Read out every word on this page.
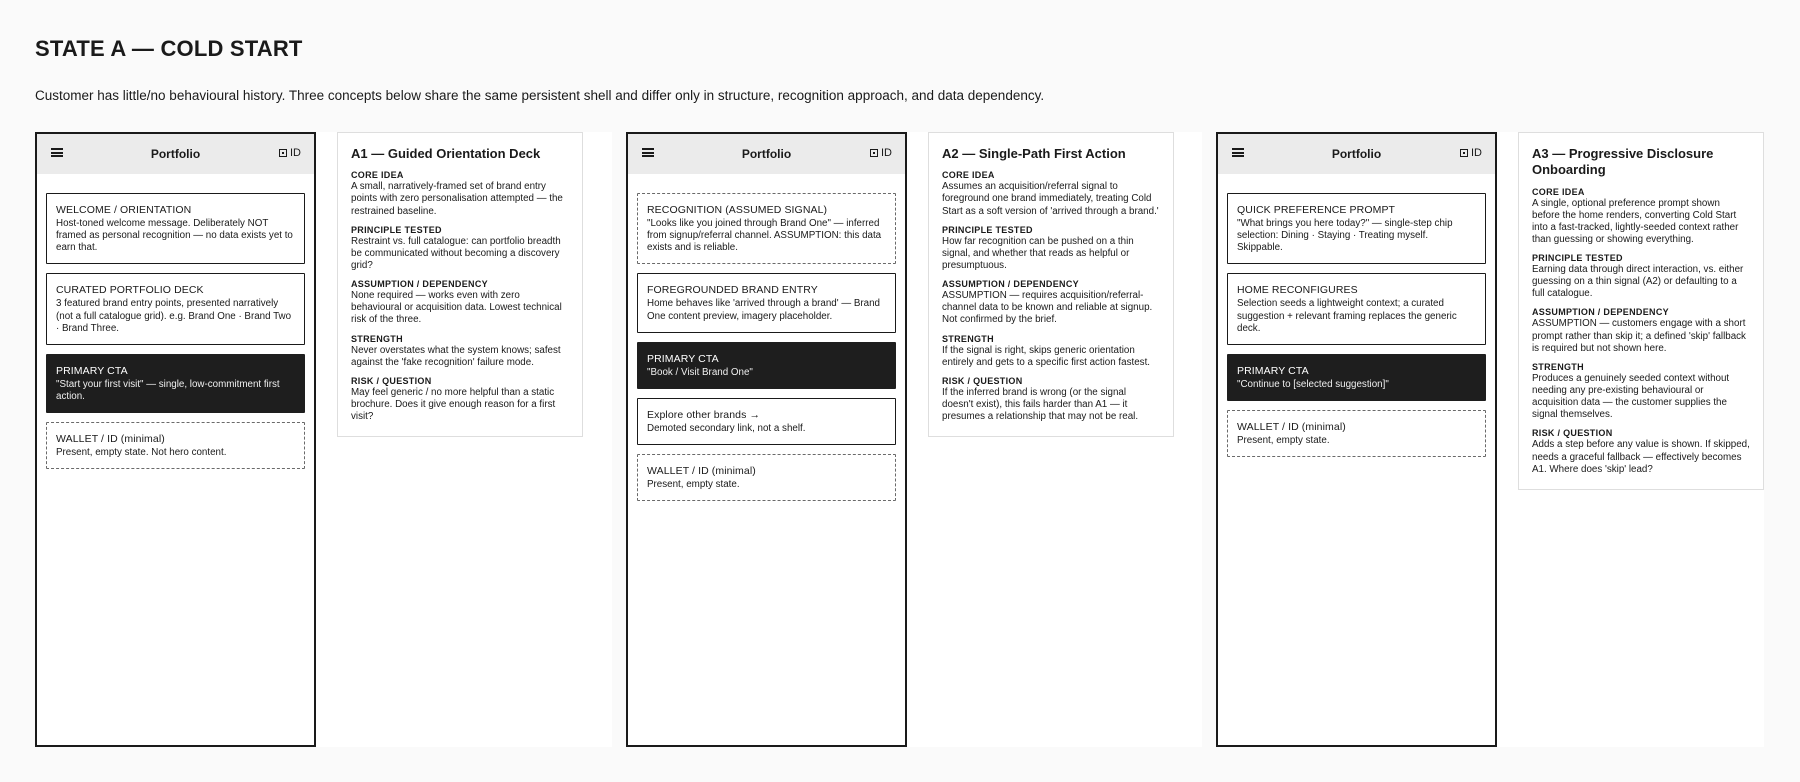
STATE A — COLD START
Customer has little/no behavioural history. Three concepts below share the same persistent shell and differ only in structure, recognition approach, and data dependency.
Portfolio	ID
WELCOME / ORIENTATION
Host-toned welcome message. Deliberately NOT framed as personal recognition — no data exists yet to earn that.
CURATED PORTFOLIO DECK
3 featured brand entry points, presented narratively (not a full catalogue grid). e.g. Brand One · Brand Two · Brand Three.
PRIMARY CTA
"Start your first visit" — single, low-commitment first action.
WALLET / ID (minimal)
Present, empty state. Not hero content.
A1 — Guided Orientation Deck
CORE IDEA
A small, narratively-framed set of brand entry points with zero personalisation attempted — the restrained baseline.
PRINCIPLE TESTED
Restraint vs. full catalogue: can portfolio breadth be communicated without becoming a discovery grid?
ASSUMPTION / DEPENDENCY
None required — works even with zero behavioural or acquisition data. Lowest technical risk of the three.
STRENGTH
Never overstates what the system knows; safest against the 'fake recognition' failure mode.
RISK / QUESTION
May feel generic / no more helpful than a static brochure. Does it give enough reason for a first visit?
Portfolio	ID
RECOGNITION (ASSUMED SIGNAL)
"Looks like you joined through Brand One" — inferred from signup/referral channel. ASSUMPTION: this data exists and is reliable.
FOREGROUNDED BRAND ENTRY
Home behaves like 'arrived through a brand' — Brand One content preview, imagery placeholder.
PRIMARY CTA
"Book / Visit Brand One"
Explore other brands →
Demoted secondary link, not a shelf.
WALLET / ID (minimal)
Present, empty state.
A2 — Single-Path First Action
CORE IDEA
Assumes an acquisition/referral signal to foreground one brand immediately, treating Cold Start as a soft version of 'arrived through a brand.'
PRINCIPLE TESTED
How far recognition can be pushed on a thin signal, and whether that reads as helpful or presumptuous.
ASSUMPTION / DEPENDENCY
ASSUMPTION — requires acquisition/referral-channel data to be known and reliable at signup. Not confirmed by the brief.
STRENGTH
If the signal is right, skips generic orientation entirely and gets to a specific first action fastest.
RISK / QUESTION
If the inferred brand is wrong (or the signal doesn't exist), this fails harder than A1 — it presumes a relationship that may not be real.
Portfolio	ID
QUICK PREFERENCE PROMPT
"What brings you here today?" — single-step chip selection: Dining · Staying · Treating myself. Skippable.
HOME RECONFIGURES
Selection seeds a lightweight context; a curated suggestion + relevant framing replaces the generic deck.
PRIMARY CTA
"Continue to [selected suggestion]"
WALLET / ID (minimal)
Present, empty state.
A3 — Progressive Disclosure Onboarding
CORE IDEA
A single, optional preference prompt shown before the home renders, converting Cold Start into a fast-tracked, lightly-seeded context rather than guessing or showing everything.
PRINCIPLE TESTED
Earning data through direct interaction, vs. either guessing on a thin signal (A2) or defaulting to a full catalogue.
ASSUMPTION / DEPENDENCY
ASSUMPTION — customers engage with a short prompt rather than skip it; a defined 'skip' fallback is required but not shown here.
STRENGTH
Produces a genuinely seeded context without needing any pre-existing behavioural or acquisition data — the customer supplies the signal themselves.
RISK / QUESTION
Adds a step before any value is shown. If skipped, needs a graceful fallback — effectively becomes A1. Where does 'skip' lead?
